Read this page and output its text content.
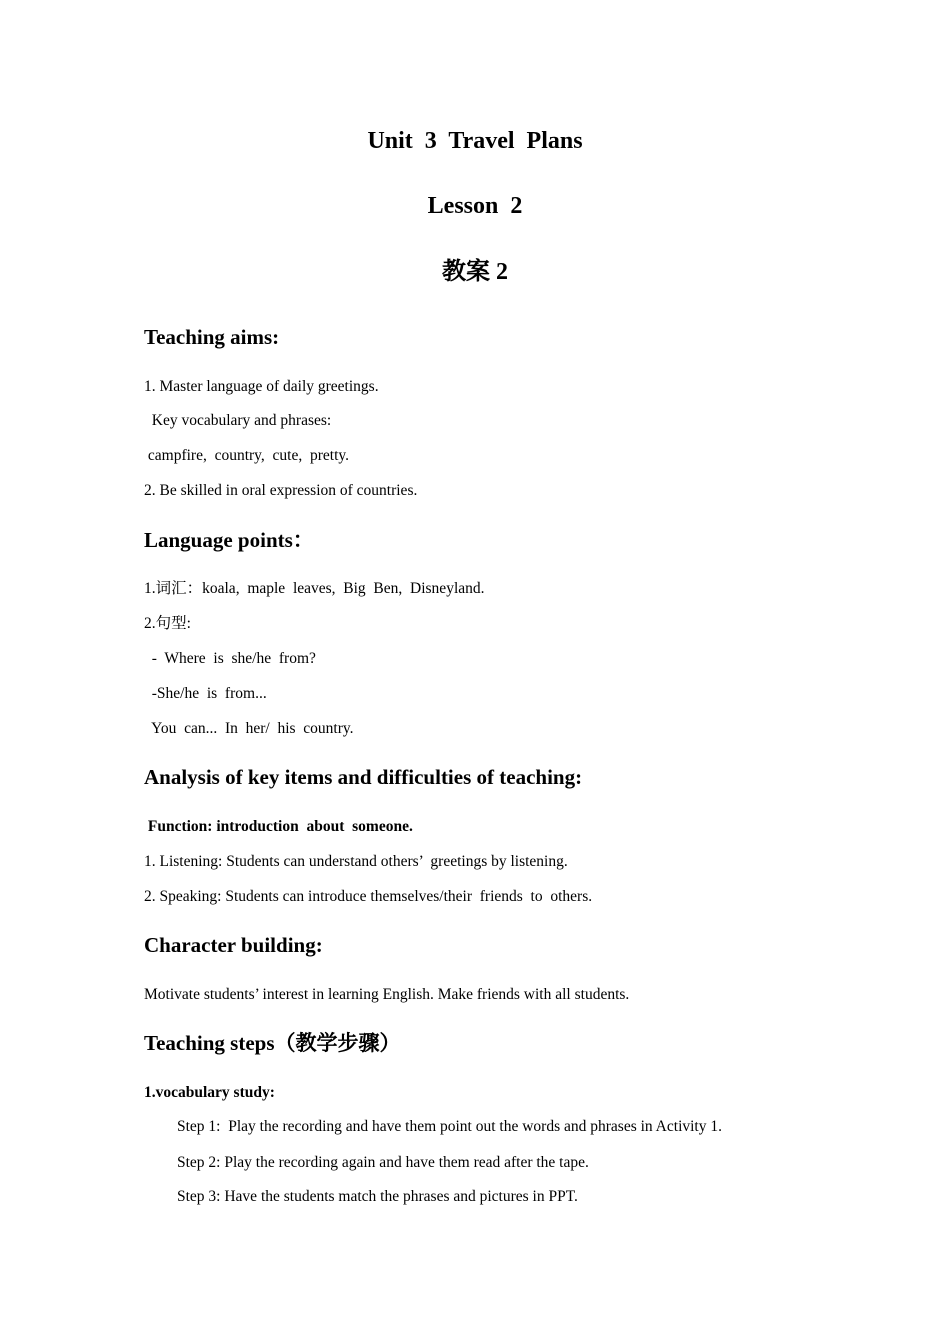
Unit  3  Travel  Plans
Lesson  2
教案 2
Teaching aims:
1. Master language of daily greetings.
Key vocabulary and phrases:
campfire,  country,  cute,  pretty.
2. Be skilled in oral expression of countries.
Language points：
1.词汇：koala,  maple  leaves,  Big  Ben,  Disneyland.
2.句型:
-  Where  is  she/he  from?
-She/he  is  from...
You  can...  In  her/  his  country.
Analysis of key items and difficulties of teaching:
Function: introduction  about  someone.
1. Listening: Students can understand others’  greetings by listening.
2. Speaking: Students can introduce themselves/their  friends  to  others.
Character building:
Motivate students’ interest in learning English. Make friends with all students.
Teaching steps（教学步骤）
1.vocabulary study:
Step 1:  Play the recording and have them point out the words and phrases in Activity 1.
Step 2: Play the recording again and have them read after the tape.
Step 3: Have the students match the phrases and pictures in PPT.
